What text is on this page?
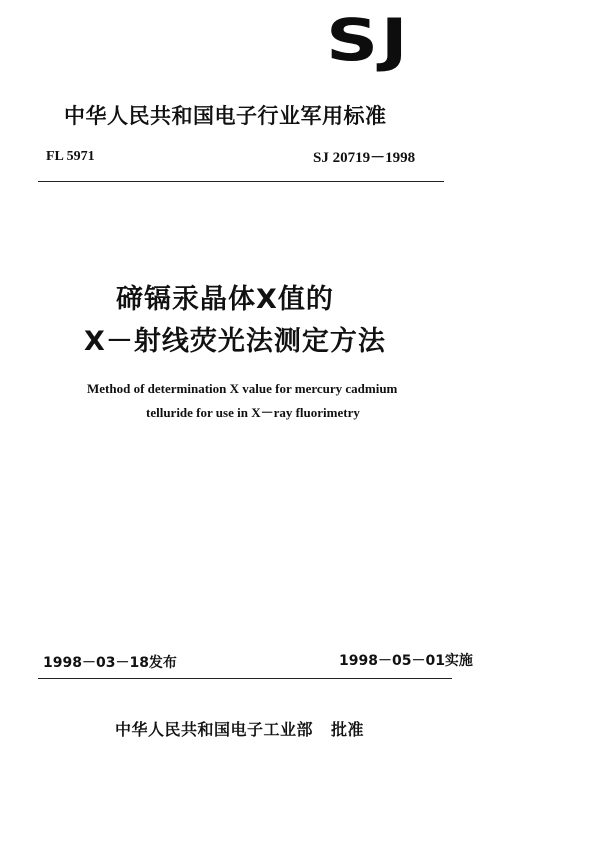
SJ
中华人民共和国电子行业军用标准
FL 5971	SJ 20719－1998
碲镉汞晶体X值的
X－射线荧光法测定方法
Method of determination X value for mercury cadmium
telluride for use in X－ray fluorimetry
1998－03－18发布	1998－05－01实施
中华人民共和国电子工业部 批准
